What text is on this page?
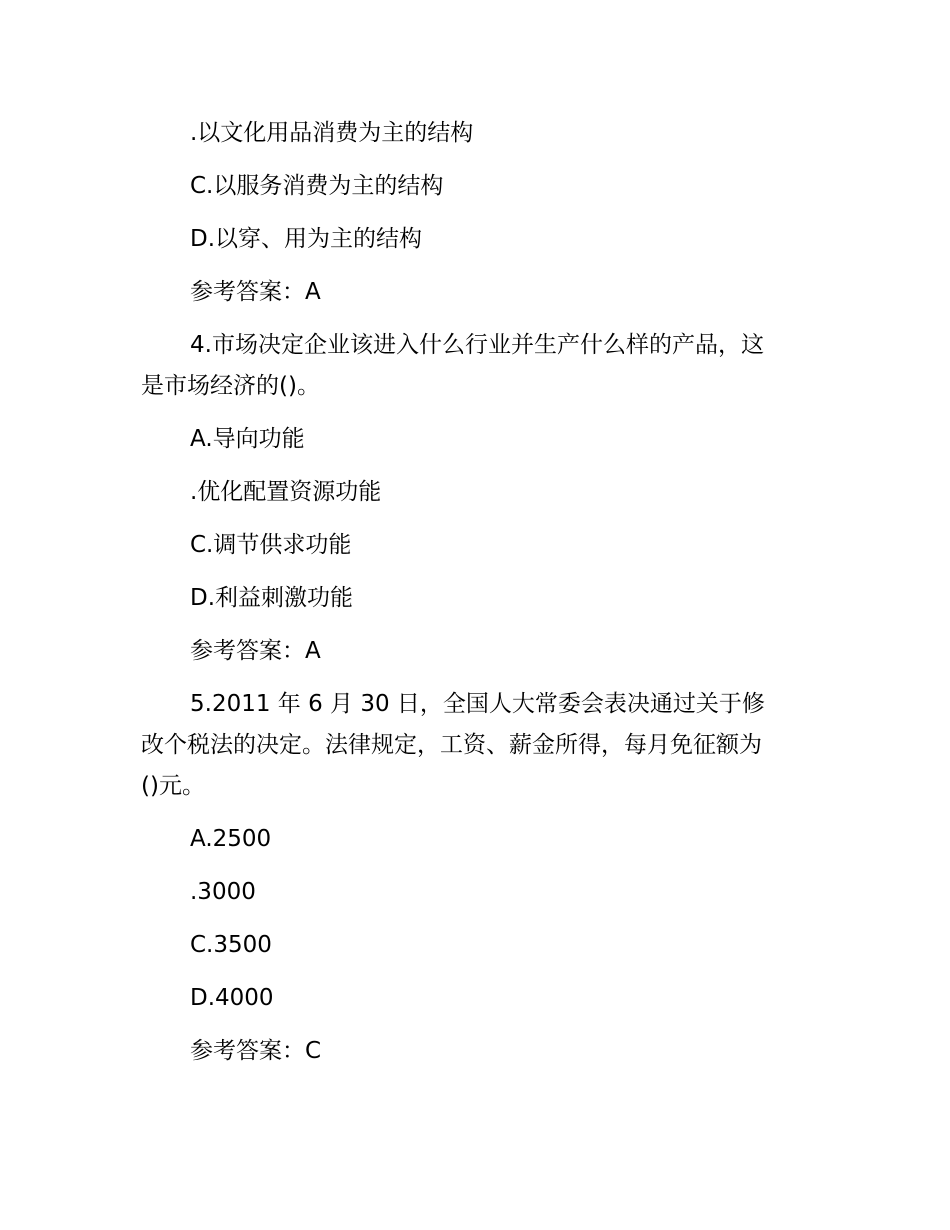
.以文化用品消费为主的结构
C.以服务消费为主的结构
D.以穿、用为主的结构
参考答案：A
4.市场决定企业该进入什么行业并生产什么样的产品，这
是市场经济的()。
A.导向功能
.优化配置资源功能
C.调节供求功能
D.利益刺激功能
参考答案：A
5.2011 年 6 月 30 日，全国人大常委会表决通过关于修
改个税法的决定。法律规定，工资、薪金所得，每月免征额为
()元。
A.2500
.3000
C.3500
D.4000
参考答案：C
